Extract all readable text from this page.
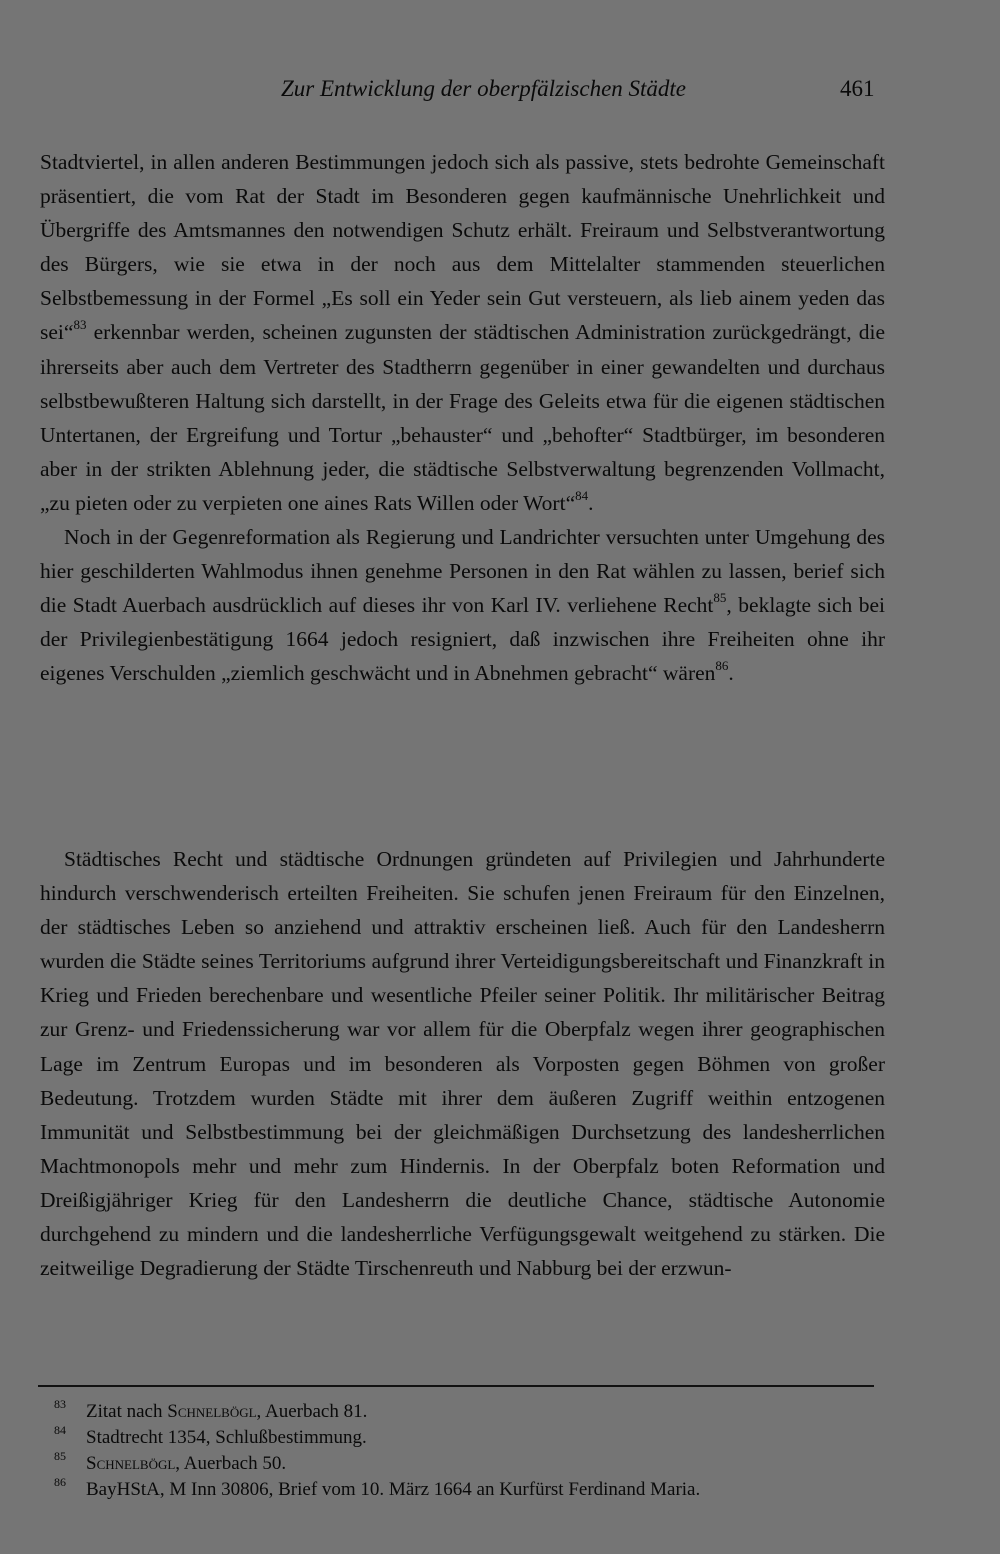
Zur Entwicklung der oberpfälzischen Städte	461

Stadtviertel, in allen anderen Bestimmungen jedoch sich als passive, stets bedrohte Gemeinschaft präsentiert, die vom Rat der Stadt im Besonderen gegen kaufmännische Unehrlichkeit und Übergriffe des Amtsmannes den notwendigen Schutz erhält. Freiraum und Selbstverantwortung des Bürgers, wie sie etwa in der noch aus dem Mittelalter stammenden steuerlichen Selbstbemessung in der Formel „Es soll ein Yeder sein Gut versteuern, als lieb ainem yeden das sei“$^{83}$ erkennbar werden, scheinen zugunsten der städtischen Administration zurückgedrängt, die ihrerseits aber auch dem Vertreter des Stadtherrn gegenüber in einer gewandelten und durchaus selbstbewußteren Haltung sich darstellt, in der Frage des Geleits etwa für die eigenen städtischen Untertanen, der Ergreifung und Tortur „behauster“ und „behofter“ Stadtbürger, im besonderen aber in der strikten Ablehnung jeder, die städtische Selbstverwaltung begrenzenden Vollmacht, „zu pieten oder zu verpieten one aines Rats Willen oder Wort“$^{84}$.

Noch in der Gegenreformation als Regierung und Landrichter versuchten unter Umgehung des hier geschilderten Wahlmodus ihnen genehme Personen in den Rat wählen zu lassen, berief sich die Stadt Auerbach ausdrücklich auf dieses ihr von Karl IV. verliehene Recht$^{85}$, beklagte sich bei der Privilegienbestätigung 1664 jedoch resigniert, daß inzwischen ihre Freiheiten ohne ihr eigenes Verschulden „ziemlich geschwächt und in Abnehmen gebracht“ wären$^{86}$.

Städtisches Recht und städtische Ordnungen gründeten auf Privilegien und Jahrhunderte hindurch verschwenderisch erteilten Freiheiten. Sie schufen jenen Freiraum für den Einzelnen, der städtisches Leben so anziehend und attraktiv erscheinen ließ. Auch für den Landesherrn wurden die Städte seines Territoriums aufgrund ihrer Verteidigungsbereitschaft und Finanzkraft in Krieg und Frieden berechenbare und wesentliche Pfeiler seiner Politik. Ihr militärischer Beitrag zur Grenz- und Friedenssicherung war vor allem für die Oberpfalz wegen ihrer geographischen Lage im Zentrum Europas und im besonderen als Vorposten gegen Böhmen von großer Bedeutung. Trotzdem wurden Städte mit ihrer dem äußeren Zugriff weithin entzogenen Immunität und Selbstbestimmung bei der gleichmäßigen Durchsetzung des landesherrlichen Machtmonopols mehr und mehr zum Hindernis. In der Oberpfalz boten Reformation und Dreißigjähriger Krieg für den Landesherrn die deutliche Chance, städtische Autonomie durchgehend zu mindern und die landesherrliche Verfügungsgewalt weitgehend zu stärken. Die zeitweilige Degradierung der Städte Tirschenreuth und Nabburg bei der erzwun-

83 Zitat nach Schnelbögl, Auerbach 81.
84 Stadtrecht 1354, Schlußbestimmung.
85 Schnelbögl, Auerbach 50.
86 BayHStA, M Inn 30806, Brief vom 10. März 1664 an Kurfürst Ferdinand Maria.
